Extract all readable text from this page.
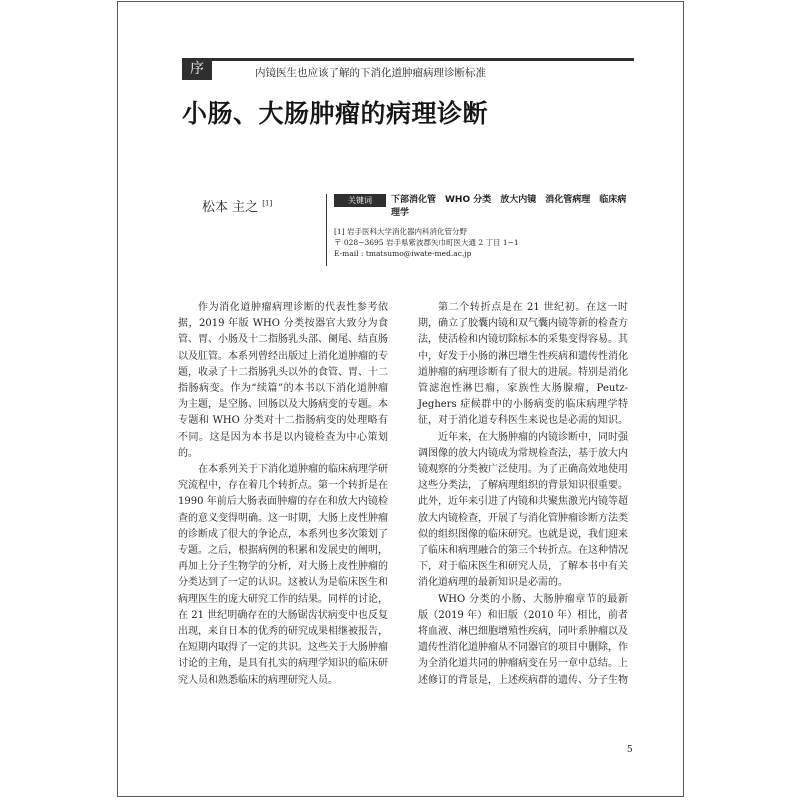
序	内镜医生也应该了解的下消化道肿瘤病理诊断标准
小肠、大肠肿瘤的病理诊断
松本 主之 [1]	关键词	下部消化管　WHO 分类　放大内镜　消化管病理　临床病理学
[1] 岩手医科大学消化器内科消化管分野
〒 028−3695 岩手県紫波郡矢巾町医大通 2 丁目 1−1
E-mail : tmatsumo@iwate-med.ac.jp

作为消化道肿瘤病理诊断的代表性参考依据，2019 年版 WHO 分类按器官大致分为食管、胃、小肠及十二指肠乳头部、阑尾、结直肠以及肛管。本系列曾经出版过上消化道肿瘤的专题，收录了十二指肠乳头以外的食管、胃、十二指肠病变。作为“续篇”的本书以下消化道肿瘤为主题，是空肠、回肠以及大肠病变的专题。本专题和 WHO 分类对十二指肠病变的处理略有不同。这是因为本书是以内镜检查为中心策划的。

在本系列关于下消化道肿瘤的临床病理学研究流程中，存在着几个转折点。第一个转折是在 1990 年前后大肠表面肿瘤的存在和放大内镜检查的意义变得明确。这一时期，大肠上皮性肿瘤的诊断成了很大的争论点，本系列也多次策划了专题。之后，根据病例的积累和发展史的阐明，再加上分子生物学的分析，对大肠上皮性肿瘤的分类达到了一定的认识。这被认为是临床医生和病理医生的庞大研究工作的结果。同样的讨论，在 21 世纪明确存在的大肠锯齿状病变中也反复出现，来自日本的优秀的研究成果相继被报告，在短期内取得了一定的共识。这些关于大肠肿瘤讨论的主角，是具有扎实的病理学知识的临床研究人员和熟悉临床的病理研究人员。

第二个转折点是在 21 世纪初。在这一时期，确立了胶囊内镜和双气囊内镜等新的检查方法，使活检和内镜切除标本的采集变得容易。其中，好发于小肠的淋巴增生性疾病和遗传性消化道肿瘤的病理诊断有了很大的进展。特别是消化管滤泡性淋巴瘤，家族性大肠腺瘤，Peutz-Jeghers 症候群中的小肠病变的临床病理学特征，对于消化道专科医生来说也是必需的知识。

近年来，在大肠肿瘤的内镜诊断中，同时强调图像的放大内镜成为常规检查法，基于放大内镜观察的分类被广泛使用。为了正确高效地使用这些分类法，了解病理组织的背景知识很重要。此外，近年来引进了内镜和共聚焦激光内镜等超放大内镜检查，开展了与消化管肿瘤诊断方法类似的组织图像的临床研究。也就是说，我们迎来了临床和病理融合的第三个转折点。在这种情况下，对于临床医生和研究人员，了解本书中有关消化道病理的最新知识是必需的。

WHO 分类的小肠、大肠肿瘤章节的最新版（2019 年）和旧版（2010 年）相比，前者将血液、淋巴细胞增殖性疾病，同叶系肿瘤以及遗传性消化道肿瘤从不同器官的项目中删除，作为全消化道共同的肿瘤病变在另一章中总结。上述修订的背景是，上述疾病群的遗传、分子生物

5
